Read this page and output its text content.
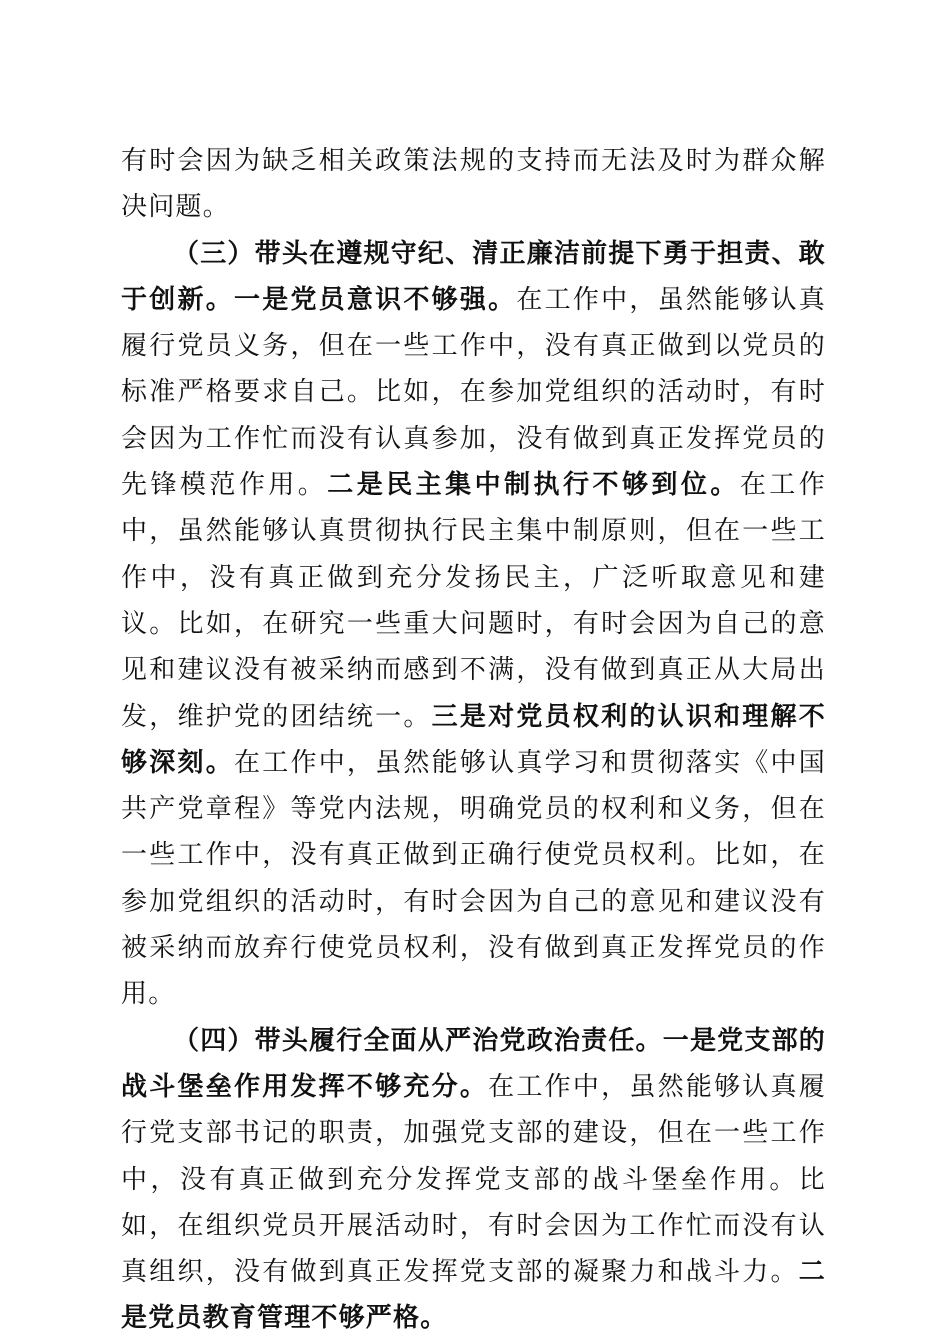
有时会因为缺乏相关政策法规的支持而无法及时为群众解决问题。

（三）带头在遵规守纪、清正廉洁前提下勇于担责、敢于创新。一是党员意识不够强。在工作中，虽然能够认真履行党员义务，但在一些工作中，没有真正做到以党员的标准严格要求自己。比如，在参加党组织的活动时，有时会因为工作忙而没有认真参加，没有做到真正发挥党员的先锋模范作用。二是民主集中制执行不够到位。在工作中，虽然能够认真贯彻执行民主集中制原则，但在一些工作中，没有真正做到充分发扬民主，广泛听取意见和建议。比如，在研究一些重大问题时，有时会因为自己的意见和建议没有被采纳而感到不满，没有做到真正从大局出发，维护党的团结统一。三是对党员权利的认识和理解不够深刻。在工作中，虽然能够认真学习和贯彻落实《中国共产党章程》等党内法规，明确党员的权利和义务，但在一些工作中，没有真正做到正确行使党员权利。比如，在参加党组织的活动时，有时会因为自己的意见和建议没有被采纳而放弃行使党员权利，没有做到真正发挥党员的作用。

（四）带头履行全面从严治党政治责任。一是党支部的战斗堡垒作用发挥不够充分。在工作中，虽然能够认真履行党支部书记的职责，加强党支部的建设，但在一些工作中，没有真正做到充分发挥党支部的战斗堡垒作用。比如，在组织党员开展活动时，有时会因为工作忙而没有认真组织，没有做到真正发挥党支部的凝聚力和战斗力。二是党员教育管理不够严格。
